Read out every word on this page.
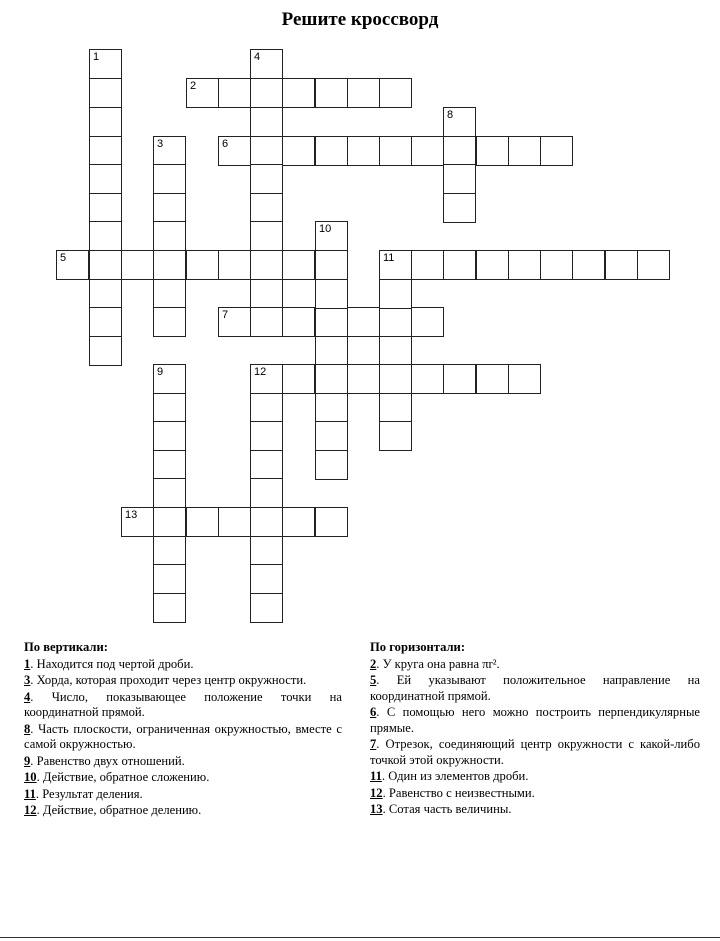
Решите кроссворд
1
2
3
4
5
6
7
8
9
10
11
12
13
По вертикали:
1. Находится под чертой дроби.
3. Хорда, которая проходит через центр окружности.
4. Число, показывающее положение точки на координатной прямой.
8. Часть плоскости, ограниченная окружностью, вместе с самой окружностью.
9. Равенство двух отношений.
10. Действие, обратное сложению.
11. Результат деления.
12. Действие, обратное делению.
По горизонтали:
2. У круга она равна πr².
5. Ей указывают положительное направление на координатной прямой.
6. С помощью него можно построить перпендикулярные прямые.
7. Отрезок, соединяющий центр окружности с какой-либо точкой этой окружности.
11. Один из элементов дроби.
12. Равенство с неизвестными.
13. Сотая часть величины.
